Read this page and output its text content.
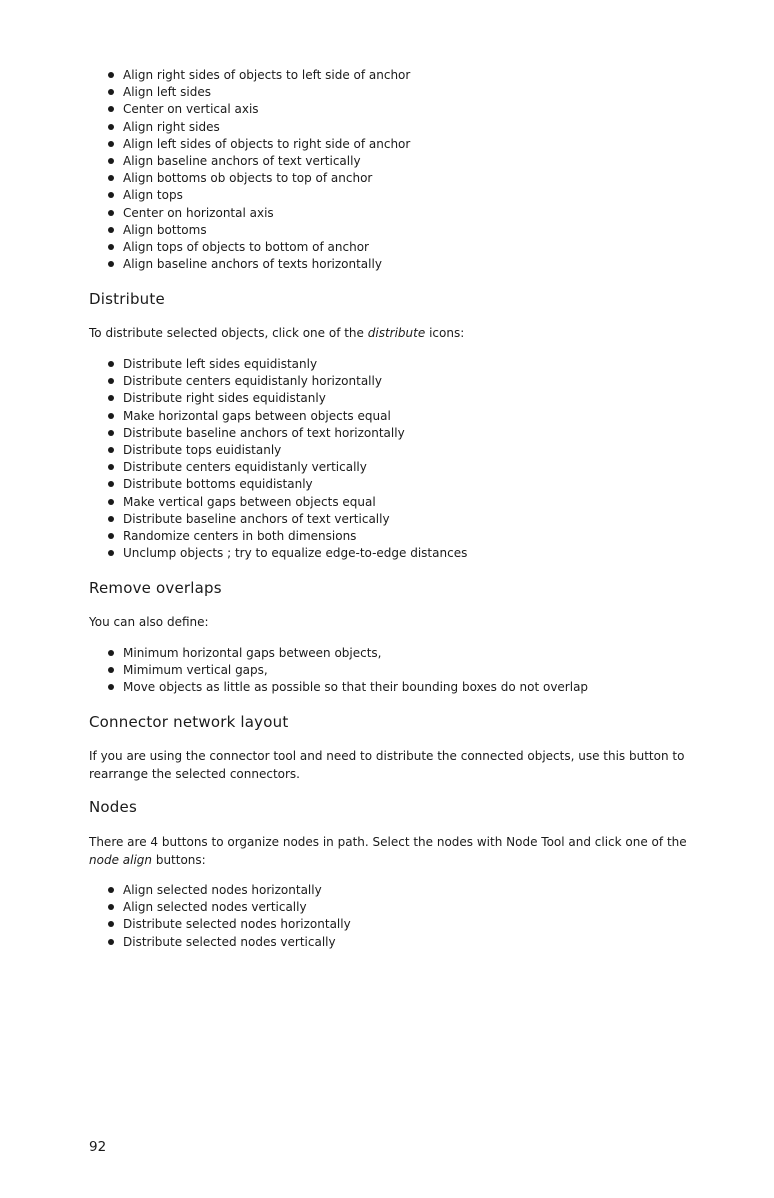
Align right sides of objects to left side of anchor
Align left sides
Center on vertical axis
Align right sides
Align left sides of objects to right side of anchor
Align baseline anchors of text vertically
Align bottoms ob objects to top of anchor
Align tops
Center on horizontal axis
Align bottoms
Align tops of objects to bottom of anchor
Align baseline anchors of texts horizontally
Distribute

To distribute selected objects, click one of the distribute icons:

Distribute left sides equidistanly
Distribute centers equidistanly horizontally
Distribute right sides equidistanly
Make horizontal gaps between objects equal
Distribute baseline anchors of text horizontally
Distribute tops euidistanly
Distribute centers equidistanly vertically
Distribute bottoms equidistanly
Make vertical gaps between objects equal
Distribute baseline anchors of text vertically
Randomize centers in both dimensions
Unclump objects ; try to equalize edge-to-edge distances
Remove overlaps

You can also define:

Minimum horizontal gaps between objects,
Mimimum vertical gaps,
Move objects as little as possible so that their bounding boxes do not overlap
Connector network layout

If you are using the connector tool and need to distribute the connected objects, use this button to rearrange the selected connectors.

Nodes

There are 4 buttons to organize nodes in path. Select the nodes with Node Tool and click one of the node align buttons:

Align selected nodes horizontally
Align selected nodes vertically
Distribute selected nodes horizontally
Distribute selected nodes vertically
92
